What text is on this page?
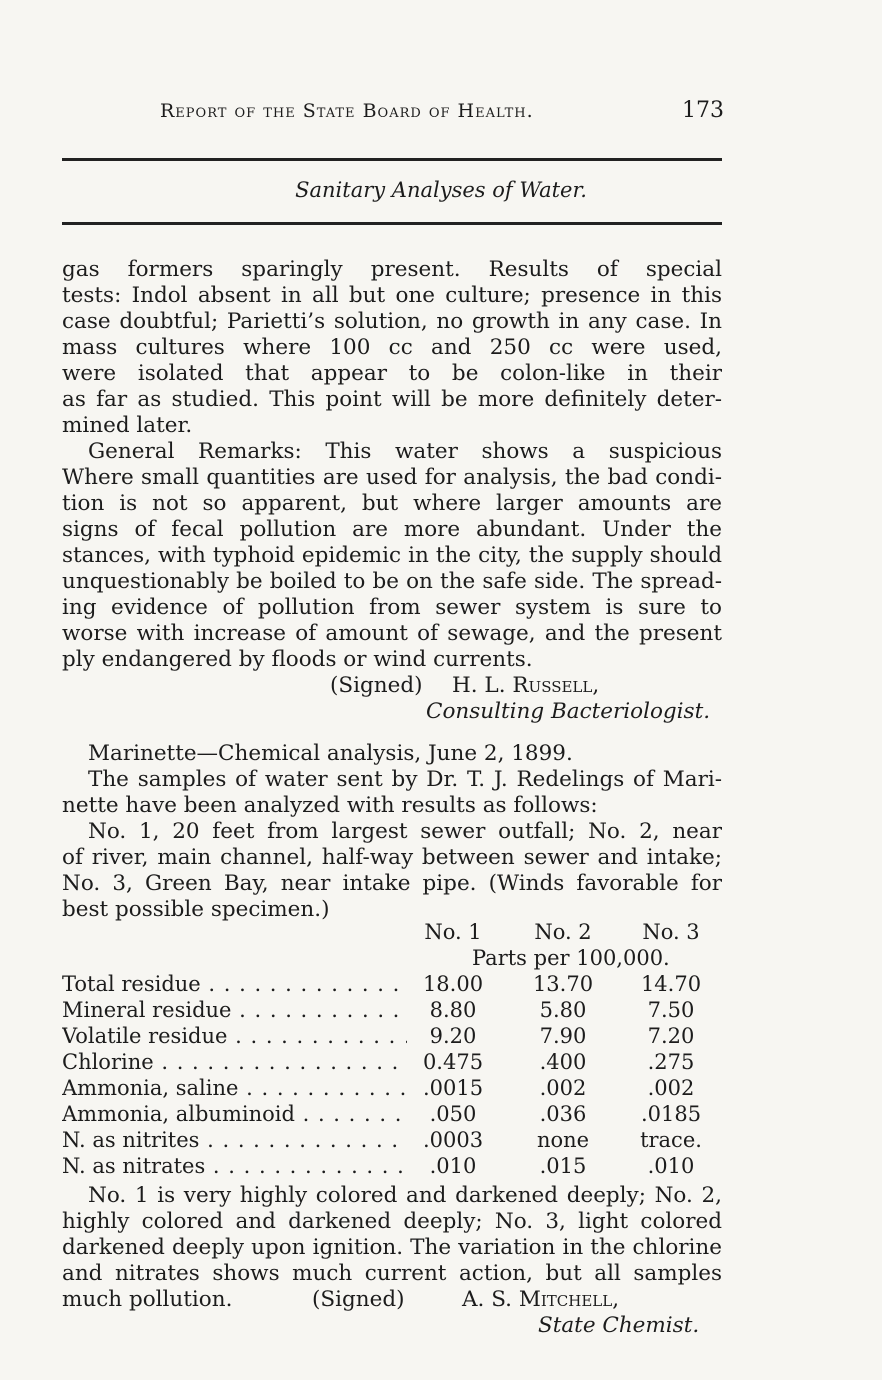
Report of the State Board of Health.	173
Sanitary Analyses of Water.
gas formers sparingly present. Results of special
tests: Indol absent in all but one culture; presence in this
case doubtful; Parietti’s solution, no growth in any case. In
mass cultures where 100 cc and 250 cc were used,
were isolated that appear to be colon-like in their
as far as studied. This point will be more definitely deter-
mined later.
General Remarks: This water shows a suspicious
Where small quantities are used for analysis, the bad condi-
tion is not so apparent, but where larger amounts are
signs of fecal pollution are more abundant. Under the
stances, with typhoid epidemic in the city, the supply should
unquestionably be boiled to be on the safe side. The spread-
ing evidence of pollution from sewer system is sure to
worse with increase of amount of sewage, and the present
ply endangered by floods or wind currents.
(Signed) H. L. Russell,
Consulting Bacteriologist.
Marinette—Chemical analysis, June 2, 1899.
The samples of water sent by Dr. T. J. Redelings of Mari-
nette have been analyzed with results as follows:
No. 1, 20 feet from largest sewer outfall; No. 2, near
of river, main channel, half-way between sewer and intake;
No. 3, Green Bay, near intake pipe. (Winds favorable for
best possible specimen.)
No. 1	No. 2	No. 3
Parts per 100,000.
Total residue . . .	18.00	13.70	14.70
Mineral residue . . .	8.80	5.80	7.50
Volatile residue . . .	9.20	7.90	7.20
Chlorine . . .	0.475	.400	.275
Ammonia, saline . . .	.0015	.002	.002
Ammonia, albuminoid . . .	.050	.036	.0185
N. as nitrites . . .	.0003	none	trace.
N. as nitrates . . .	.010	.015	.010
No. 1 is very highly colored and darkened deeply; No. 2,
highly colored and darkened deeply; No. 3, light colored
darkened deeply upon ignition. The variation in the chlorine
and nitrates shows much current action, but all samples
much pollution.	(Signed)	A. S. Mitchell,
State Chemist.
